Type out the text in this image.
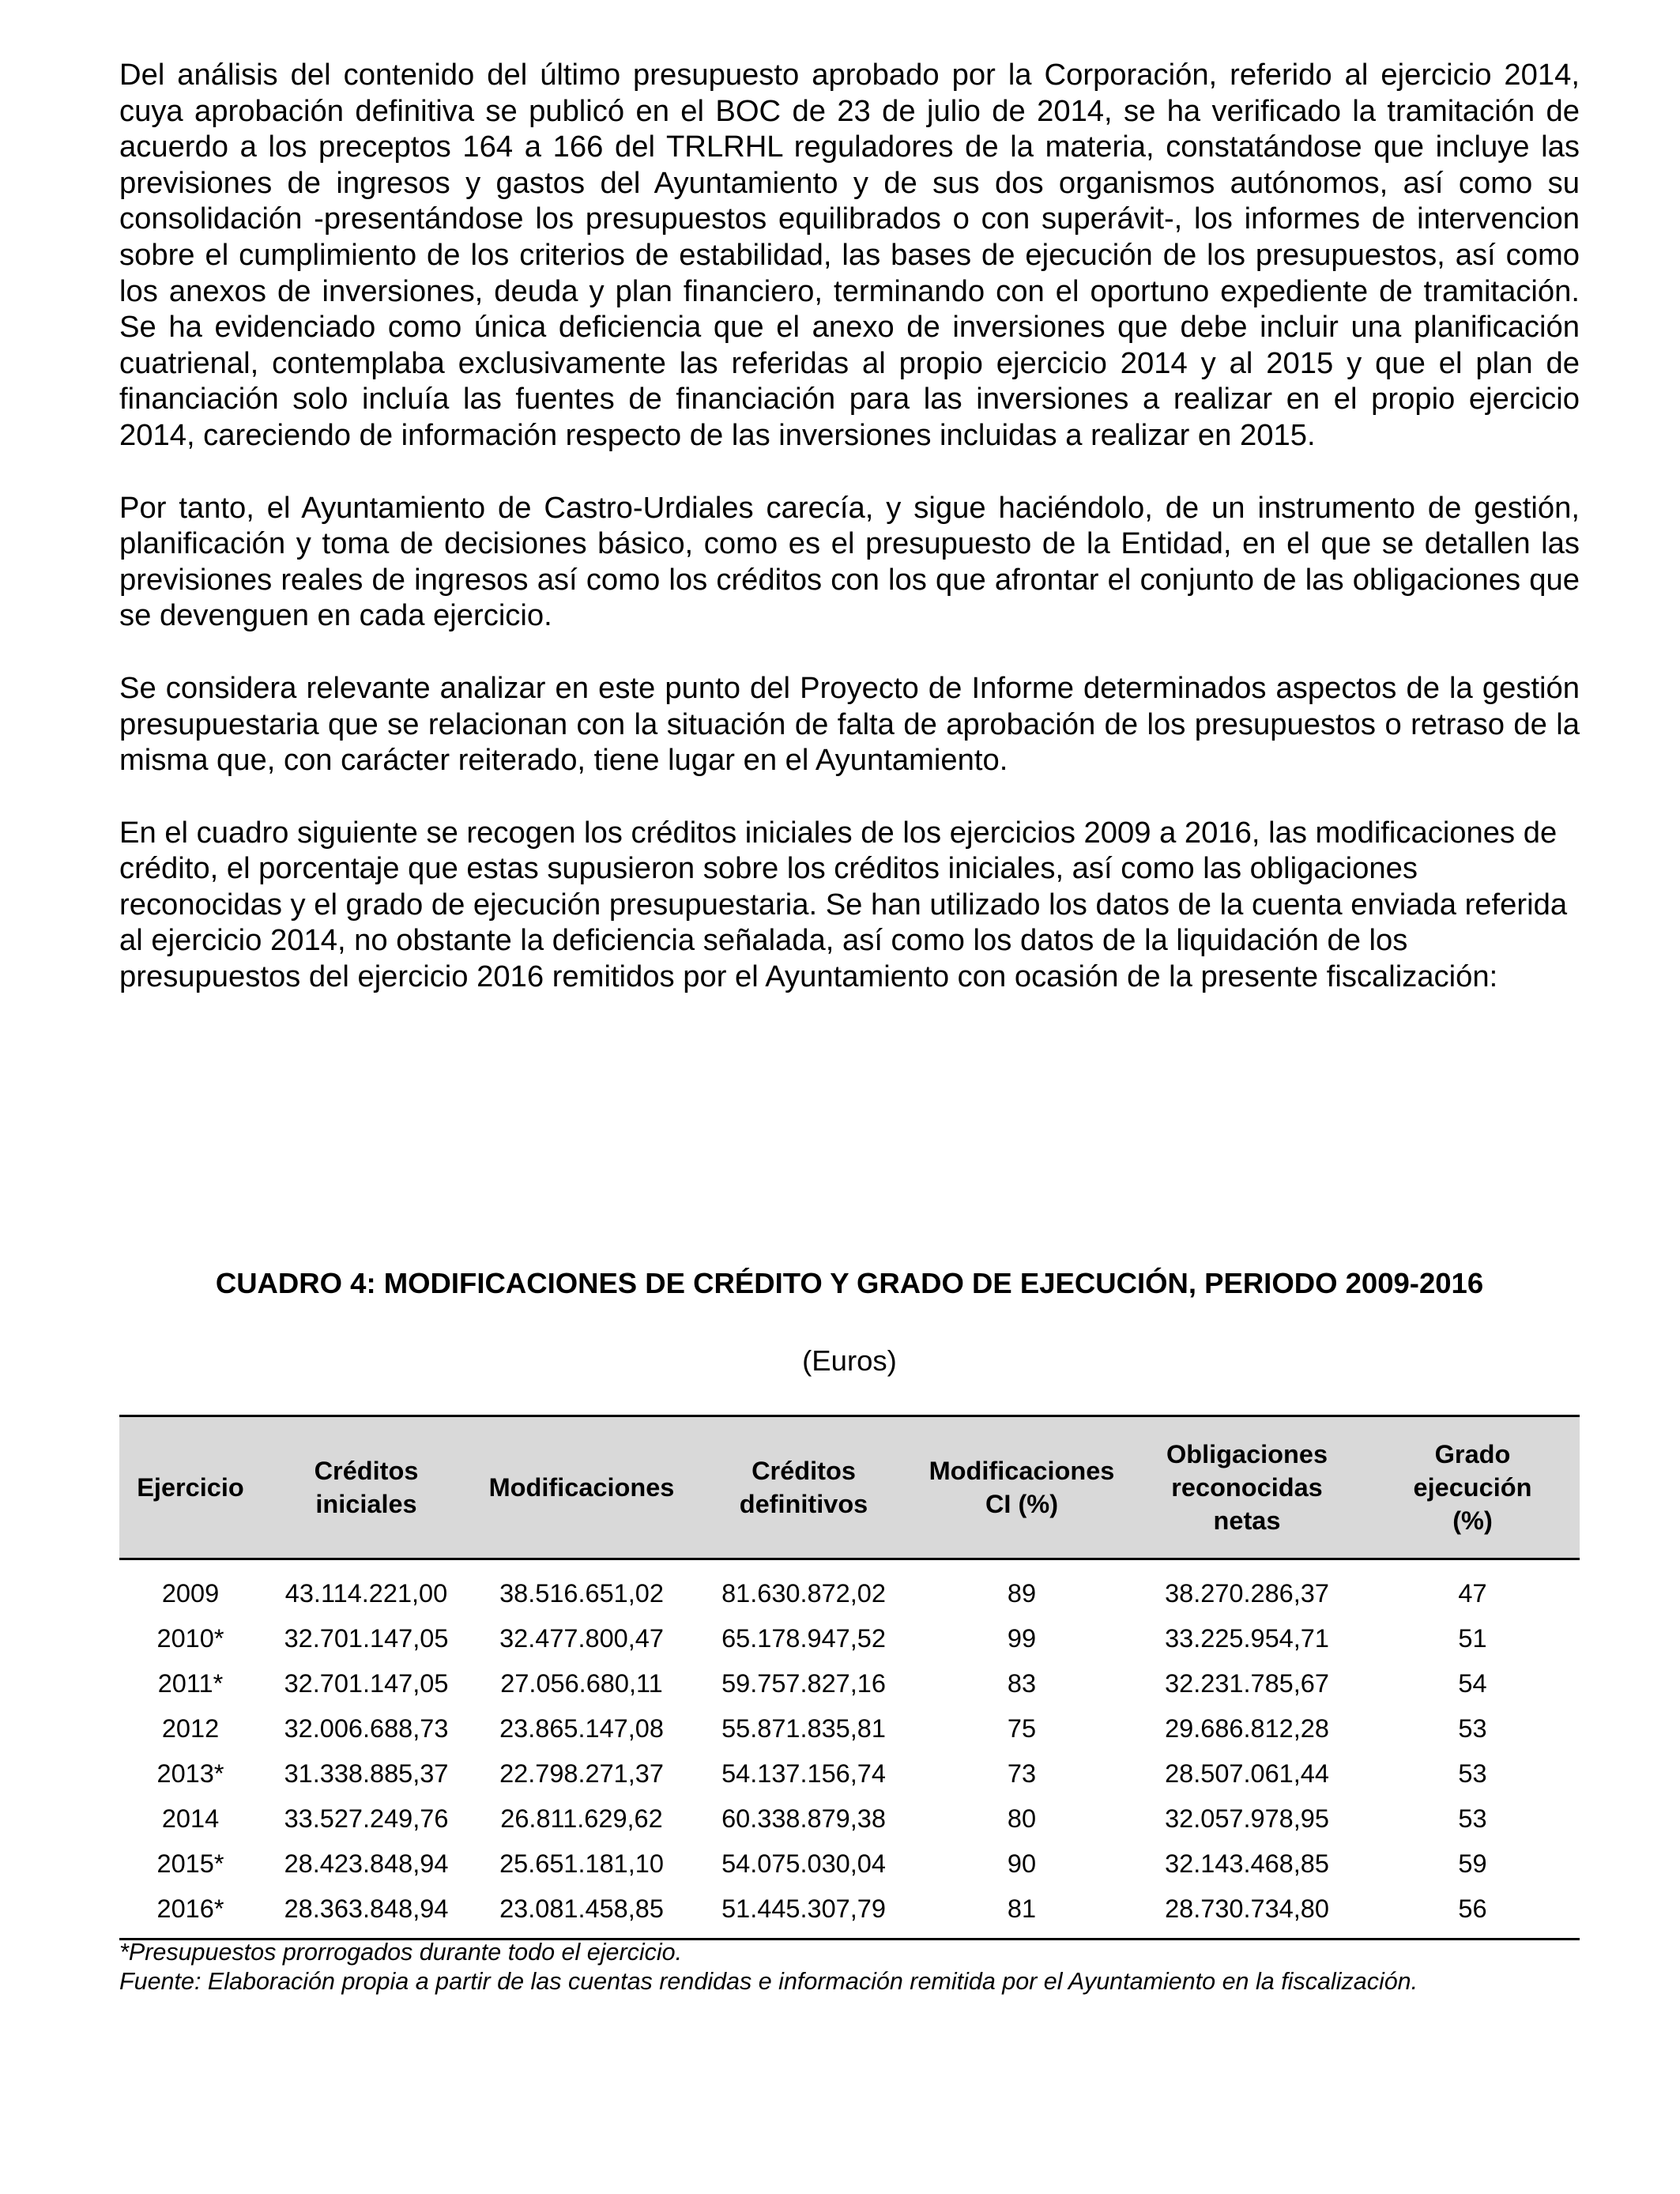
Del análisis del contenido del último presupuesto aprobado por la Corporación, referido al ejercicio 2014, cuya aprobación definitiva se publicó en el BOC de 23 de julio de 2014, se ha verificado la tramitación de acuerdo a los preceptos 164 a 166 del TRLRHL reguladores de la materia, constatándose que incluye las previsiones de ingresos y gastos del Ayuntamiento y de sus dos organismos autónomos, así como su consolidación -presentándose los presupuestos equilibrados o con superávit-, los informes de intervencion sobre el cumplimiento de los criterios de estabilidad, las bases de ejecución de los presupuestos, así como los anexos de inversiones, deuda y plan financiero, terminando con el oportuno expediente de tramitación. Se ha evidenciado como única deficiencia que el anexo de inversiones que debe incluir una planificación cuatrienal, contemplaba exclusivamente las referidas al propio ejercicio 2014 y al 2015 y que el plan de financiación solo incluía las fuentes de financiación para las inversiones a realizar en el propio ejercicio 2014, careciendo de información respecto de las inversiones incluidas a realizar en 2015.

Por tanto, el Ayuntamiento de Castro-Urdiales carecía, y sigue haciéndolo, de un instrumento de gestión, planificación y toma de decisiones básico, como es el presupuesto de la Entidad, en el que se detallen las previsiones reales de ingresos así como los créditos con los que afrontar el conjunto de las obligaciones que se devenguen en cada ejercicio.

Se considera relevante analizar en este punto del Proyecto de Informe determinados aspectos de la gestión presupuestaria que se relacionan con la situación de falta de aprobación de los presupuestos o retraso de la misma que, con carácter reiterado, tiene lugar en el Ayuntamiento.

En el cuadro siguiente se recogen los créditos iniciales de los ejercicios 2009 a 2016, las modificaciones de crédito, el porcentaje que estas supusieron sobre los créditos iniciales, así como las obligaciones reconocidas y el grado de ejecución presupuestaria. Se han utilizado los datos de la cuenta enviada referida al ejercicio 2014, no obstante la deficiencia señalada, así como los datos de la liquidación de los presupuestos del ejercicio 2016 remitidos por el Ayuntamiento con ocasión de la presente fiscalización:

CUADRO 4: MODIFICACIONES DE CRÉDITO Y GRADO DE EJECUCIÓN, PERIODO 2009-2016
(Euros)
Ejercicio	Créditos iniciales	Modificaciones	Créditos definitivos	Modificaciones CI (%)	Obligaciones reconocidas netas	Grado ejecución (%)
2009	43.114.221,00	38.516.651,02	81.630.872,02	89	38.270.286,37	47
2010*	32.701.147,05	32.477.800,47	65.178.947,52	99	33.225.954,71	51
2011*	32.701.147,05	27.056.680,11	59.757.827,16	83	32.231.785,67	54
2012	32.006.688,73	23.865.147,08	55.871.835,81	75	29.686.812,28	53
2013*	31.338.885,37	22.798.271,37	54.137.156,74	73	28.507.061,44	53
2014	33.527.249,76	26.811.629,62	60.338.879,38	80	32.057.978,95	53
2015*	28.423.848,94	25.651.181,10	54.075.030,04	90	32.143.468,85	59
2016*	28.363.848,94	23.081.458,85	51.445.307,79	81	28.730.734,80	56
*Presupuestos prorrogados durante todo el ejercicio.
Fuente: Elaboración propia a partir de las cuentas rendidas e información remitida por el Ayuntamiento en la fiscalización.
